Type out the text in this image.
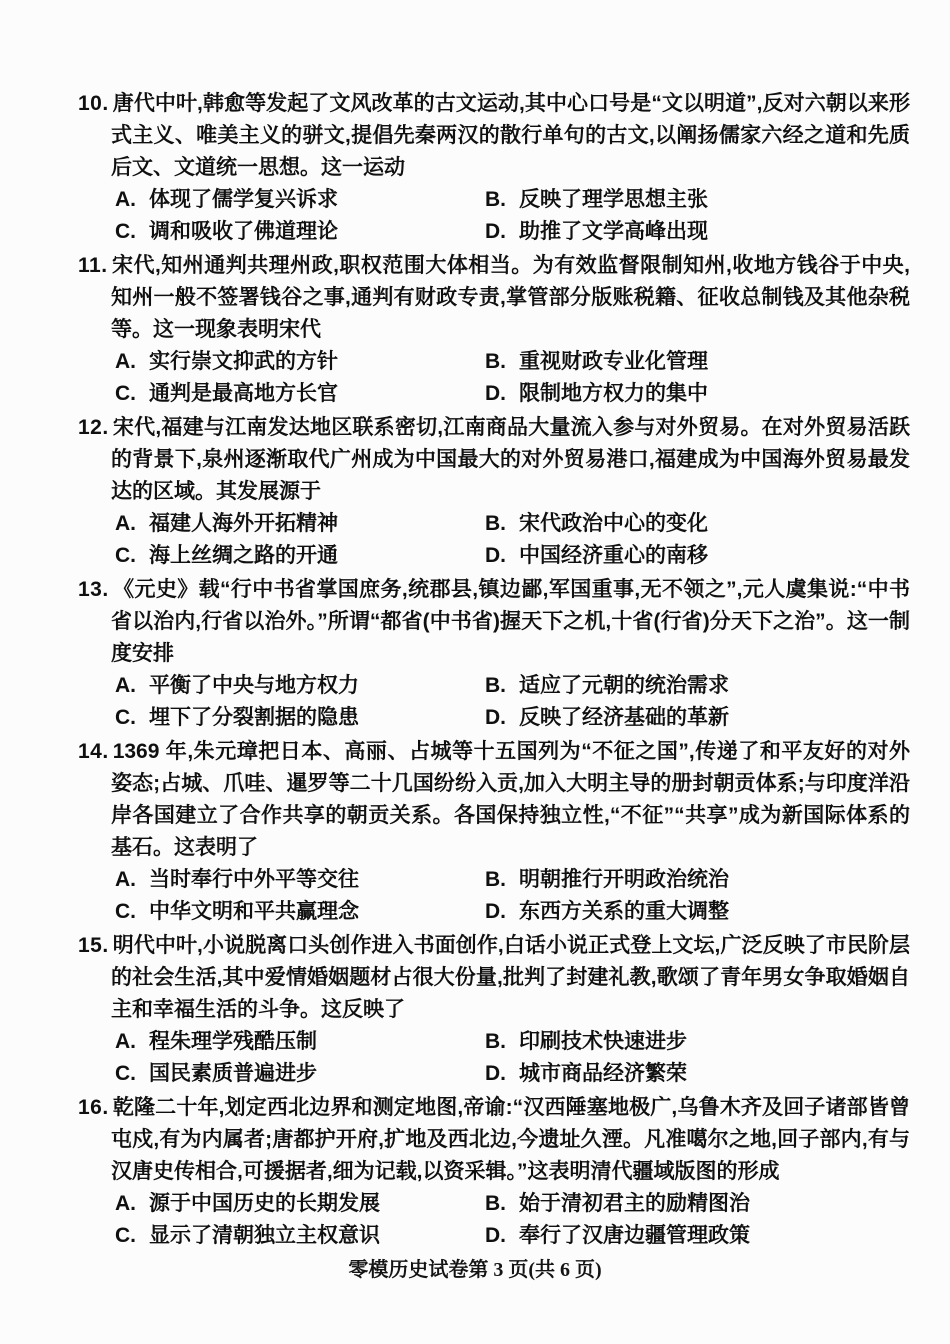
10. 唐代中叶,韩愈等发起了文风改革的古文运动,其中心口号是“文以明道”,反对六朝以来形式主义、唯美主义的骈文,提倡先秦两汉的散行单句的古文,以阐扬儒家六经之道和先质后文、文道统一思想。这一运动

A. 体现了儒学复兴诉求	B. 反映了理学思想主张
C. 调和吸收了佛道理论	D. 助推了文学高峰出现

11. 宋代,知州通判共理州政,职权范围大体相当。为有效监督限制知州,收地方钱谷于中央,知州一般不签署钱谷之事,通判有财政专责,掌管部分版账税籍、征收总制钱及其他杂税等。这一现象表明宋代

A. 实行崇文抑武的方针	B. 重视财政专业化管理
C. 通判是最高地方长官	D. 限制地方权力的集中

12. 宋代,福建与江南发达地区联系密切,江南商品大量流入参与对外贸易。在对外贸易活跃的背景下,泉州逐渐取代广州成为中国最大的对外贸易港口,福建成为中国海外贸易最发达的区域。其发展源于

A. 福建人海外开拓精神	B. 宋代政治中心的变化
C. 海上丝绸之路的开通	D. 中国经济重心的南移

13. 《元史》载“行中书省掌国庶务,统郡县,镇边鄙,军国重事,无不领之”,元人虞集说:“中书省以治内,行省以治外。”所谓“都省(中书省)握天下之机,十省(行省)分天下之治”。这一制度安排

A. 平衡了中央与地方权力	B. 适应了元朝的统治需求
C. 埋下了分裂割据的隐患	D. 反映了经济基础的革新

14. 1369 年,朱元璋把日本、高丽、占城等十五国列为“不征之国”,传递了和平友好的对外姿态;占城、爪哇、暹罗等二十几国纷纷入贡,加入大明主导的册封朝贡体系;与印度洋沿岸各国建立了合作共享的朝贡关系。各国保持独立性,“不征”“共享”成为新国际体系的基石。这表明了

A. 当时奉行中外平等交往	B. 明朝推行开明政治统治
C. 中华文明和平共赢理念	D. 东西方关系的重大调整

15. 明代中叶,小说脱离口头创作进入书面创作,白话小说正式登上文坛,广泛反映了市民阶层的社会生活,其中爱情婚姻题材占很大份量,批判了封建礼教,歌颂了青年男女争取婚姻自主和幸福生活的斗争。这反映了

A. 程朱理学残酷压制	B. 印刷技术快速进步
C. 国民素质普遍进步	D. 城市商品经济繁荣

16. 乾隆二十年,划定西北边界和测定地图,帝谕:“汉西陲塞地极广,乌鲁木齐及回子诸部皆曾屯戍,有为内属者;唐都护开府,扩地及西北边,今遗址久湮。凡准噶尔之地,回子部内,有与汉唐史传相合,可援据者,细为记载,以资采辑。”这表明清代疆域版图的形成

A. 源于中国历史的长期发展	B. 始于清初君主的励精图治
C. 显示了清朝独立主权意识	D. 奉行了汉唐边疆管理政策
零模历史试卷第 3 页(共 6 页)
